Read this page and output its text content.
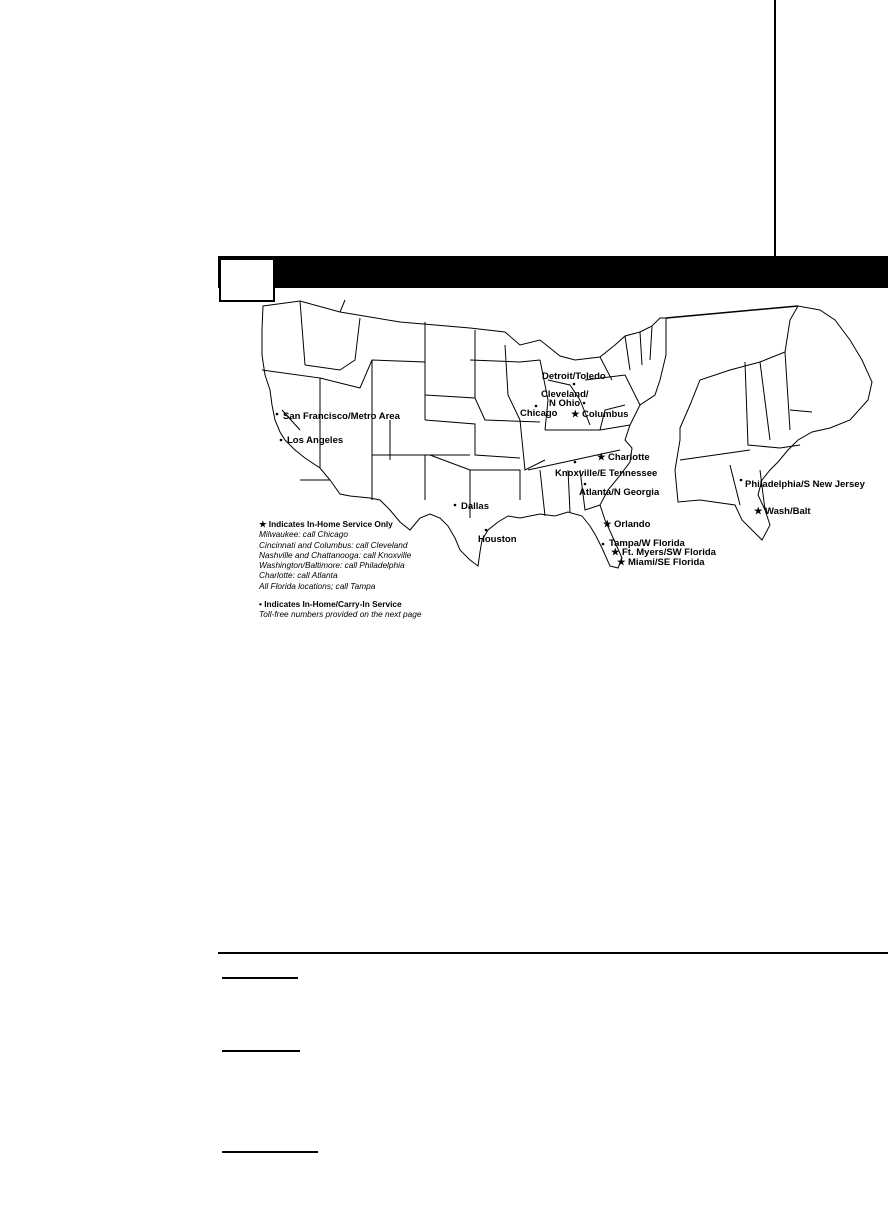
Detroit/Toledo
Cleveland/
N Ohio
Chicago ★ Columbus
San Francisco/Metro Area
Los Angeles
★ Charlotte
Knoxville/E Tennessee
Atlanta/N Georgia
Dallas
Houston
★ Orlando
Tampa/W Florida
★ Ft. Myers/SW Florida
★ Miami/SE Florida
Philadelphia/S New Jersey
★ Wash/Balt
★ Indicates In-Home Service Only
Milwaukee: call Chicago
Cincinnati and Columbus: call Cleveland
Nashville and Chattanooga: call Knoxville
Washington/Baltimore: call Philadelphia
Charlotte: call Atlanta
All Florida locations; call Tampa
• Indicates In-Home/Carry-In Service
Toll-free numbers provided on the next page
